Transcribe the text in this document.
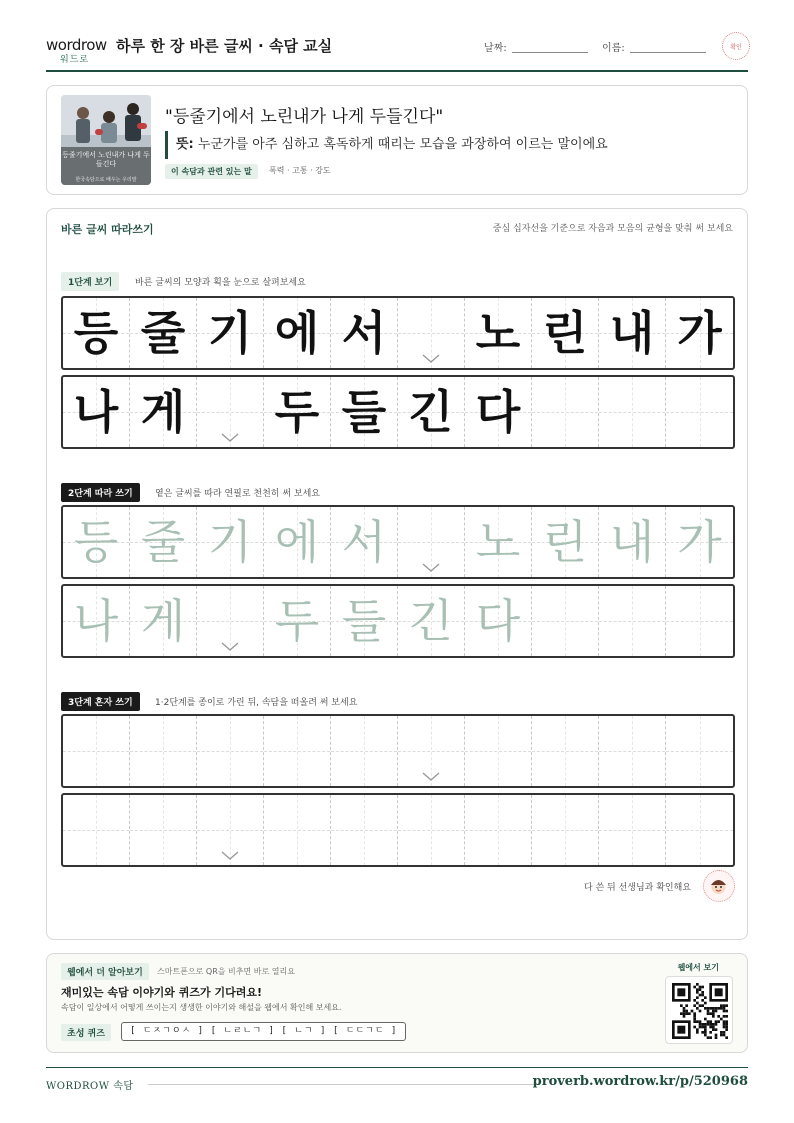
wordrow
워드로
하루 한 장 바른 글씨 · 속담 교실	날짜:	이름:	확인
등줄기에서 노린내가 나게 두들긴다
한국속담으로 배우는 우리말
"등줄기에서 노린내가 나게 두들긴다"
뜻: 누군가를 아주 심하고 혹독하게 때리는 모습을 과장하여 이르는 말이에요
이 속담과 관련 있는 말	폭력 · 고통 · 강도
바른 글씨 따라쓰기	중심 십자선을 기준으로 자음과 모음의 균형을 맞춰 써 보세요
1단계 보기	바른 글씨의 모양과 획을 눈으로 살펴보세요
등 줄 기 에 서 노 린 내 가
나 게 두 들 긴 다
2단계 따라 쓰기	옅은 글씨를 따라 연필로 천천히 써 보세요
등 줄 기 에 서 노 린 내 가
나 게 두 들 긴 다
3단계 혼자 쓰기	1·2단계를 종이로 가린 뒤, 속담을 떠올려 써 보세요
다 쓴 뒤 선생님과 확인해요
웹에서 더 알아보기	스마트폰으로 QR을 비추면 바로 열리요
재미있는 속담 이야기와 퀴즈가 기다려요!
속담이 일상에서 어떻게 쓰이는지 생생한 이야기와 해설을 웹에서 확인해 보세요.
초성 퀴즈	[ ㄷㅈㄱㅇㅅ ] [ ㄴㄹㄴㄱ ] [ ㄴㄱ ] [ ㄷㄷㄱㄷ ]
웹에서 보기
WORDROW 속담	proverb.wordrow.kr/p/520968
